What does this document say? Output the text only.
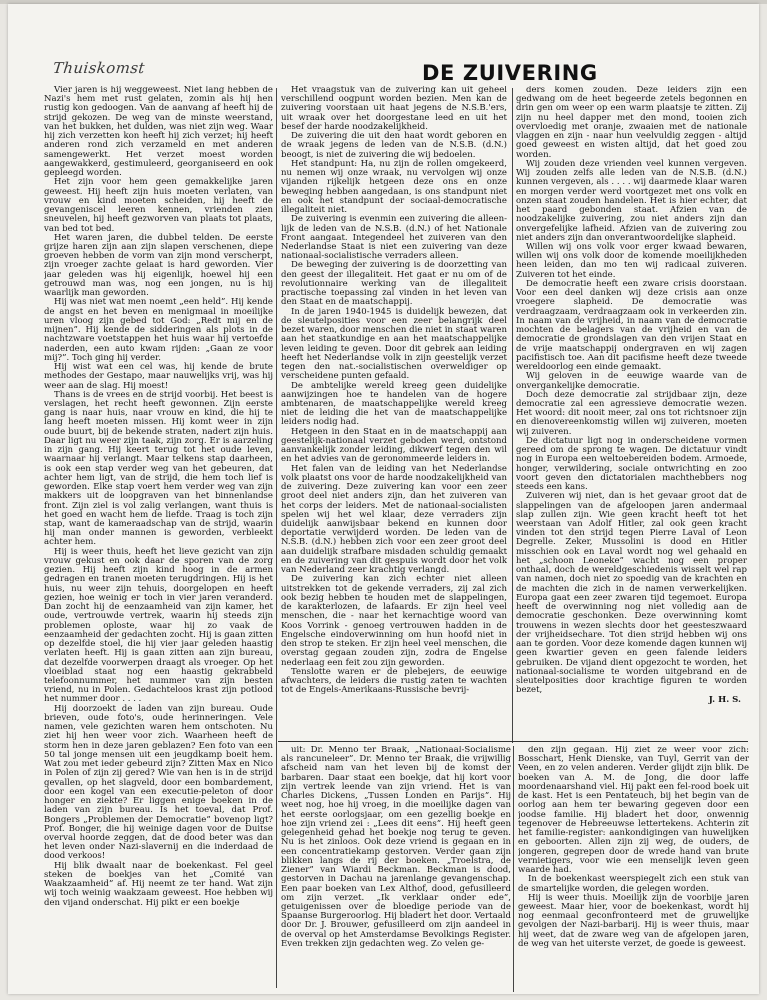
Thuiskomst	DE ZUIVERING

Vier jaren is hij weggeweest. Niet lang hebben de Nazi's hem met rust gelaten, zomin als hij hen rustig kon gedoogen. Van de aanvang af heeft hij de strijd gekozen. De weg van de minste weerstand, van het bukken, het dulden, was niet zijn weg. Waar hij zich verzetten kon heeft hij zich verzet; hij heeft anderen rond zich verzameld en met anderen samengewerkt. Het verzet moest worden aangewakkerd, gestimuleerd, georganiseerd en ook gepleegd worden.

Het zijn voor hem geen gemakkelijke jaren geweest. Hij heeft zijn huis moeten verlaten, van vrouw en kind moeten scheiden, hij heeft de gevangeniscel leeren kennen, vrienden zien sneuvelen, hij heeft gezworven van plaats tot plaats, van bed tot bed.

Het waren jaren, die dubbel telden. De eerste grijze haren zijn aan zijn slapen verschenen, diepe groeven hebben de vorm van zijn mond verscherpt, zijn vroeger zachte gelaat is hard geworden. Vier jaar geleden was hij eigenlijk, hoewel hij een getrouwd man was, nog een jongen, nu is hij waarlijk man geworden.

Hij was niet wat men noemt „een held”. Hij kende de angst en het beven en menigmaal in moeilijke uren vloog zijn gebed tot God: „Redt mij en de mijnen”. Hij kende de sidderingen als plots in de nachtzware voetstappen het huis waar hij vertoefde naderden, een auto kwam rijden: „Gaan ze voor mij?”. Toch ging hij verder.

Hij wist wat een cel was, hij kende de brute methodes der Gestapo, maar nauwelijks vrij, was hij weer aan de slag. Hij moest!

Thans is de vrees en de strijd voorbij. Het beest is verslagen, het recht heeft gewonnen. Zijn eerste gang is naar huis, naar vrouw en kind, die hij te lang heeft moeten missen. Hij komt weer in zijn oude buurt, bij de bekende straten, nadert zijn huis. Daar ligt nu weer zijn taak, zijn zorg. Er is aarzeling in zijn gang. Hij keert terug tot het oude leven, waarnaar hij verlangt. Maar telkens stap daarheen, is ook een stap verder weg van het gebeuren, dat achter hem ligt, van de strijd, die hem toch lief is geworden. Elke stap voert hem verder weg van zijn makkers uit de loopgraven van het binnenlandse front. Zijn ziel is vol zalig verlangen, want thuis is het goed en wacht hem de liefde. Traag is toch zijn stap, want de kameraadschap van de strijd, waarin hij man onder mannen is geworden, verbleekt achter hem.

Hij is weer thuis, heeft het lieve gezicht van zijn vrouw gekust en ook daar de sporen van de zorg gezien. Hij heeft zijn kind hoog in de armen gedragen en tranen moeten terugdringen. Hij is het huis, nu weer zijn tehuis, doorgelopen en heeft gezien, hoe weinig er toch in vier jaren veranderd. Dan zocht hij de eenzaamheid van zijn kamer, het oude, vertrouwde vertrek, waarin hij steeds zijn problemen oploste, waar hij zo vaak de eenzaamheid der gedachten zocht. Hij is gaan zitten op dezelfde stoel, die hij vier jaar geleden haastig verlaten heeft. Hij is gaan zitten aan zijn bureau, dat dezelfde voorwerpen draagt als vroeger. Op het vloeiblad staat nog een haastig gekrabbeld telefoonnummer, het nummer van zijn besten vriend, nu in Polen. Gedachteloos krast zijn potlood het nummer door . . . .

Hij doorzoekt de laden van zijn bureau. Oude brieven, oude foto's, oude herinneringen. Vele namen, vele gezichten waren hem ontschoten. Nu ziet hij hen weer voor zich. Waarheen heeft de storm hen in deze jaren geblazen? Een foto van een 50 tal jonge mensen uit een jeugdkamp boeit hem. Wat zou met ieder gebeurd zijn? Zitten Max en Nico in Polen of zijn zij gered? Wie van hen is in de strijd gevallen, op het slagveld, door een bombardement, door een kogel van een executie-peleton of door honger en ziekte? Er liggen enige boeken in de laden van zijn bureau. Is het toeval, dat Prof. Bongers „Problemen der Democratie” bovenop ligt? Prof. Bonger, die hij weinige dagen voor de Duitse overval hoorde zeggen, dat de dood beter was dan het leven onder Nazi-slavernij en die inderdaad de dood verkoos!

Hij blik dwaalt naar de boekenkast. Fel geel steken de boekjes van het „Comité van Waakzaamheid” af. Hij neemt ze ter hand. Wat zijn wij toch weinig waakzaam geweest. Hoe hebben wij den vijand onderschat. Hij pikt er een boekje

Het vraagstuk van de zuivering kan uit geheel verschillend oogpunt worden bezien. Men kan de zuivering voorstaan uit haat jegens de N.S.B.'ers, uit wraak over het doorgestane leed en uit het besef der harde noodzakelijkheid.

De zuivering die uit den haat wordt geboren en de wraak jegens de leden van de N.S.B. (d.N.) beoogt, is niet de zuivering die wij bedoelen.

Het standpunt: Ha, nu zijn de rollen omgekeerd, nu nemen wij onze wraak, nu vervolgen wij onze vijanden rijkelijk hetgeen deze ons en onze beweging hebben aangedaan, is ons standpunt niet en ook het standpunt der sociaal-democratische illegaliteit niet.

De zuivering is evenmin een zuivering die alleen-lijk de leden van de N.S.B. (d.N.) of het Nationale Front aangaat. Integendeel het zuiveren van den Nederlandse Staat is niet een zuivering van deze nationaal-socialistische verraders alleen.

De beweging der zuivering is de doorzetting van den geest der illegaliteit. Het gaat er nu om of de revolutionnaire werking van de illegaliteit practische toepassing zal vinden in het leven van den Staat en de maatschappij.

In de jaren 1940-1945 is duidelijk bewezen, dat de sleutelposities voor een zeer belangrijk deel bezet waren, door menschen die niet in staat waren aan het staatkundige en aan het maatschappelijke leven leiding te geven. Door dit gebrek aan leiding heeft het Nederlandse volk in zijn geestelijk verzet tegen den nat.-socialistischen overweldiger op verscheidene punten gefaald.

De ambtelijke wereld kreeg geen duidelijke aanwijzingen hoe te handelen van de hogere ambtenaren, de maatschappelijke wereld kreeg niet de leiding die het van de maatschappelijke leiders nodig had.

Hetgeen in den Staat en in de maatschappij aan geestelijk-nationaal verzet geboden werd, ontstond aanvankelijk zonder leiding, dikwerf tegen den wil en het advies van de geronommeerde leiders in.

Het falen van de leiding van het Nederlandse volk plaatst ons voor de harde noodzakelijkheid van de zuivering. Deze zuivering kan voor een zeer groot deel niet anders zijn, dan het zuiveren van het corps der leiders. Met de nationaal-socialisten spelen wij het wel klaar, deze verraders zijn duidelijk aanwijsbaar bekend en kunnen door deportatie verwijderd worden. De leden van de N.S.B. (d.N.) hebben zich voor een zeer groot deel aan duidelijk strafbare misdaden schuldig gemaakt en de zuivering van dit gespuis wordt door het volk van Nederland zeer krachtig verlangd.

De zuivering kan zich echter niet alleen uitstrekken tot de gekende verraders, zij zal zich ook bezig hebben te houden met de slappelingen, de karakterlozen, de lafaards. Er zijn heel veel menschen, die - naar het kernachtige woord van Koos Vorrink - genoeg vertrouwen hadden in de Engelsche eindoverwinning om hun hoofd niet in den strop te steken. Er zijn heel veel menschen, die overstag gegaan zouden zijn, zodra de Engelse nederlaag een feit zou zijn geworden.

Tenslotte waren er de plebejers, de eeuwige afwachters, de leiders die rustig zaten te wachten tot de Engels-Amerikaans-Russische bevrij-

ders komen zouden. Deze leiders zijn een gedwang om de heet begeerde zetels begonnen en drin gen om weer op een warm plaatsje te zitten. Zij zijn nu heel dapper met den mond, tooien zich overvloedig met oranje, zwaaien met de nationale vlaggen en zijn - naar hun veelvuldig zeggen - altijd goed geweest en wisten altijd, dat het goed zou worden.

Wij zouden deze vrienden veel kunnen vergeven. Wij zouden zelfs alle leden van de N.S.B. (d.N.) kunnen vergeven, als . . . . wij daarmede klaar waren en morgen verder werd voortgezet met ons volk en onzen staat zouden handelen. Het is hier echter, dat het paard gebonden staat. Afzien van de noodzakelijke zuivering, zou niet anders zijn dan onvergefelijke lafheid. Afzien van de zuivering zou niet anders zijn dan onverantwoordelijke slapheid.

Willen wij ons volk voor erger kwaad bewaren, willen wij ons volk door de komende moeilijkheden heen leiden, dan mo ten wij radicaal zuiveren. Zuiveren tot het einde.

De democratie heeft een zware crisis doorstaan. Voor een deel danken wij deze crisis aan onze vroegere slapheid. De democratie was verdraagzaam, verdraagzaam ook in verkeerden zin. In naam van de vrijheid, in naam van de democratie mochten de belagers van de vrijheid en van de democratie de grondslagen van den vrijen Staat en de vrije maatschappij ondergraven en wij zagen pacifistisch toe. Aan dit pacifisme heeft deze tweede wereldoorlog een einde gemaakt.

Wij geloven in de eeuwige waarde van de onvergankelijke democratie.

Doch deze democratie zal strijdbaar zijn, deze democratie zal een agressieve democratie wezen. Het woord: dit nooit meer, zal ons tot richtsnoer zijn en dienovereenkomstig willen wij zuiveren, moeten wij zuiveren.

De dictatuur ligt nog in onderscheidene vormen gereed om de sprong te wagen. De dictatuur vindt nog in Europa een weltoebereiden bodem. Armoede, honger, verwildering, sociale ontwrichting en zoo voort geven den dictatorialen machthebbers nog steeds een kans.

Zuiveren wij niet, dan is het gevaar groot dat de slappelingen van de afgeloopen jaren andermaal slap zullen zijn. Wie geen kracht heeft tot het weerstaan van Adolf Hitler, zal ook geen kracht vinden tot den strijd tegen Pierre Laval of Leon Degrelle. Zeker, Mussolini is dood en Hitler misschien ook en Laval wordt nog wel gehaald en het „schoon Leoneke” wacht nog een proper onthaal, doch de wereldgeschiedenis wisselt wel rap van namen, doch niet zo spoedig van de krachten en de machten die zich in de namen verwerkelijken. Europa gaat een zeer zwaren tijd tegemoet. Europa heeft de overwinning nog niet volledig aan de democratie geschonken. Deze overwinning komt trouwens in wezen slechts door het geesteszwaard der vrijheidsechare. Tot dien strijd hebben wij ons aan te gorden. Voor deze komende dagen kunnen wij geen kwartier geven en geen falende leiders gebruiken. De vijand dient opgezocht te worden, het nationaal-socialisme te worden uitgebrand en de sleutelposities door krachtige figuren te worden bezet,

J. H. S.

uit: Dr. Menno ter Braak, „Nationaal-Socialisme als rancuneleer”. Dr. Menno ter Braak, die vrijwillig afscheid nam van het leven bij de komst der barbaren. Daar staat een boekje, dat hij kort voor zijn vertrek leende van zijn vriend. Het is van Charles Dickens, „Tussen Londen en Parijs”. Hij weet nog, hoe hij vroeg, in die moeilijke dagen van het eerste oorlogsjaar, om een gezellig boekje en hoe zijn vriend zei : „Lees dit eens”. Hij heeft geen gelegenheid gehad het boekje nog terug te geven. Nu is het zinloos. Ook deze vriend is gegaan en in een concentratiekamp gestorven. Verder gaan zijn blikken langs de rij der boeken. „Troelstra, de Ziener” van Wiardi Beckman. Beckman is dood, gestorven in Dachau na jarenlange gevangenschap. Een paar boeken van Lex Althof, dood, gefusilleerd om zijn verzet. „Ik verklaar onder ede”, getuigenissen over de bloedige periode van de Spaanse Burgeroorlog. Hij bladert het door. Vertaald door Dr. J. Brouwer, gefusilleerd om zijn aandeel in de overval op het Amsterdamse Bevolkings Register. Even trekken zijn gedachten weg. Zo velen ge-

den zijn gegaan. Hij ziet ze weer voor zich: Bosschart, Henk Dienske, van Tuyl, Gerrit van der Veen, en zo velen anderen. Verder glijdt zijn blik. De boeken van A. M. de Jong, die door laffe moordenaarshand viel. Hij pakt een fel-rood boek uit de kast. Het is een Pentateuch, bij het begin van de oorlog aan hem ter bewaring gegeven door een joodse familie. Hij bladert het door, onwennig tegenover de Hebreeuwse lettertekens. Achterin zit het familie-register: aankondigingen van huwelijken en geboorten. Allen zijn zij weg, de ouders, de jongeren, gegrepen door de wrede hand van brute vernietigers, voor wie een menselijk leven geen waarde had.

In de boekenkast weerspiegelt zich een stuk van de smartelijke worden, die gelegen worden.

Hij is weer thuis. Moeilijk zijn de voorbije jaren geweest. Maar hier, voor de boekenkast, wordt hij nog eenmaal geconfronteerd met de gruwelijke gevolgen der Nazi-barbarij. Hij is weer thuis, maar hij weet, dat de zware weg van de afgelopen jaren, de weg van het uiterste verzet, de goede is geweest.
